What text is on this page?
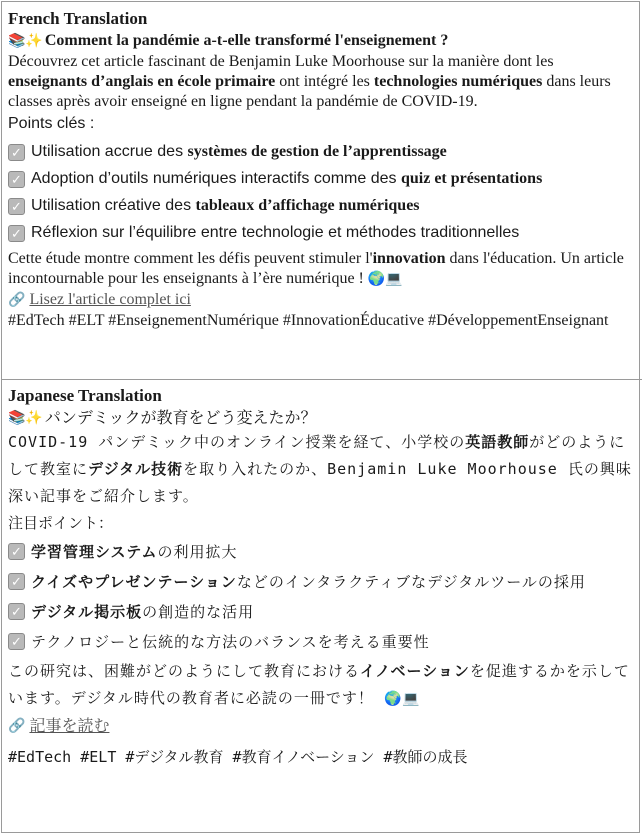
French Translation
📚✨ Comment la pandémie a-t-elle transformé l'enseignement ?
Découvrez cet article fascinant de Benjamin Luke Moorhouse sur la manière dont les enseignants d’anglais en école primaire ont intégré les technologies numériques dans leurs classes après avoir enseigné en ligne pendant la pandémie de COVID-19.
Points clés :
✓ Utilisation accrue des systèmes de gestion de l’apprentissage
✓ Adoption d’outils numériques interactifs comme des quiz et présentations
✓ Utilisation créative des tableaux d’affichage numériques
✓ Réflexion sur l’équilibre entre technologie et méthodes traditionnelles
Cette étude montre comment les défis peuvent stimuler l'innovation dans l'éducation. Un article incontournable pour les enseignants à l’ère numérique ! 🌍💻
🔗 Lisez l'article complet ici
#EdTech #ELT #EnseignementNumérique #InnovationÉducative #DéveloppementEnseignant
Japanese Translation
📚✨ パンデミックが教育をどう変えたか？
COVID-19 パンデミック中のオンライン授業を経て、小学校の英語教師がどのようにして教室にデジタル技術を取り入れたのか、Benjamin Luke Moorhouse 氏の興味深い記事をご紹介します。
注目ポイント：
✓ 学習管理システムの利用拡大
✓ クイズやプレゼンテーションなどのインタラクティブなデジタルツールの採用
✓ デジタル掲示板の創造的な活用
✓ テクノロジーと伝統的な方法のバランスを考える重要性
この研究は、困難がどのようにして教育におけるイノベーションを促進するかを示しています。デジタル時代の教育者に必読の一冊です！ 🌍💻
🔗 記事を読む
#EdTech #ELT #デジタル教育 #教育イノベーション #教師の成長
